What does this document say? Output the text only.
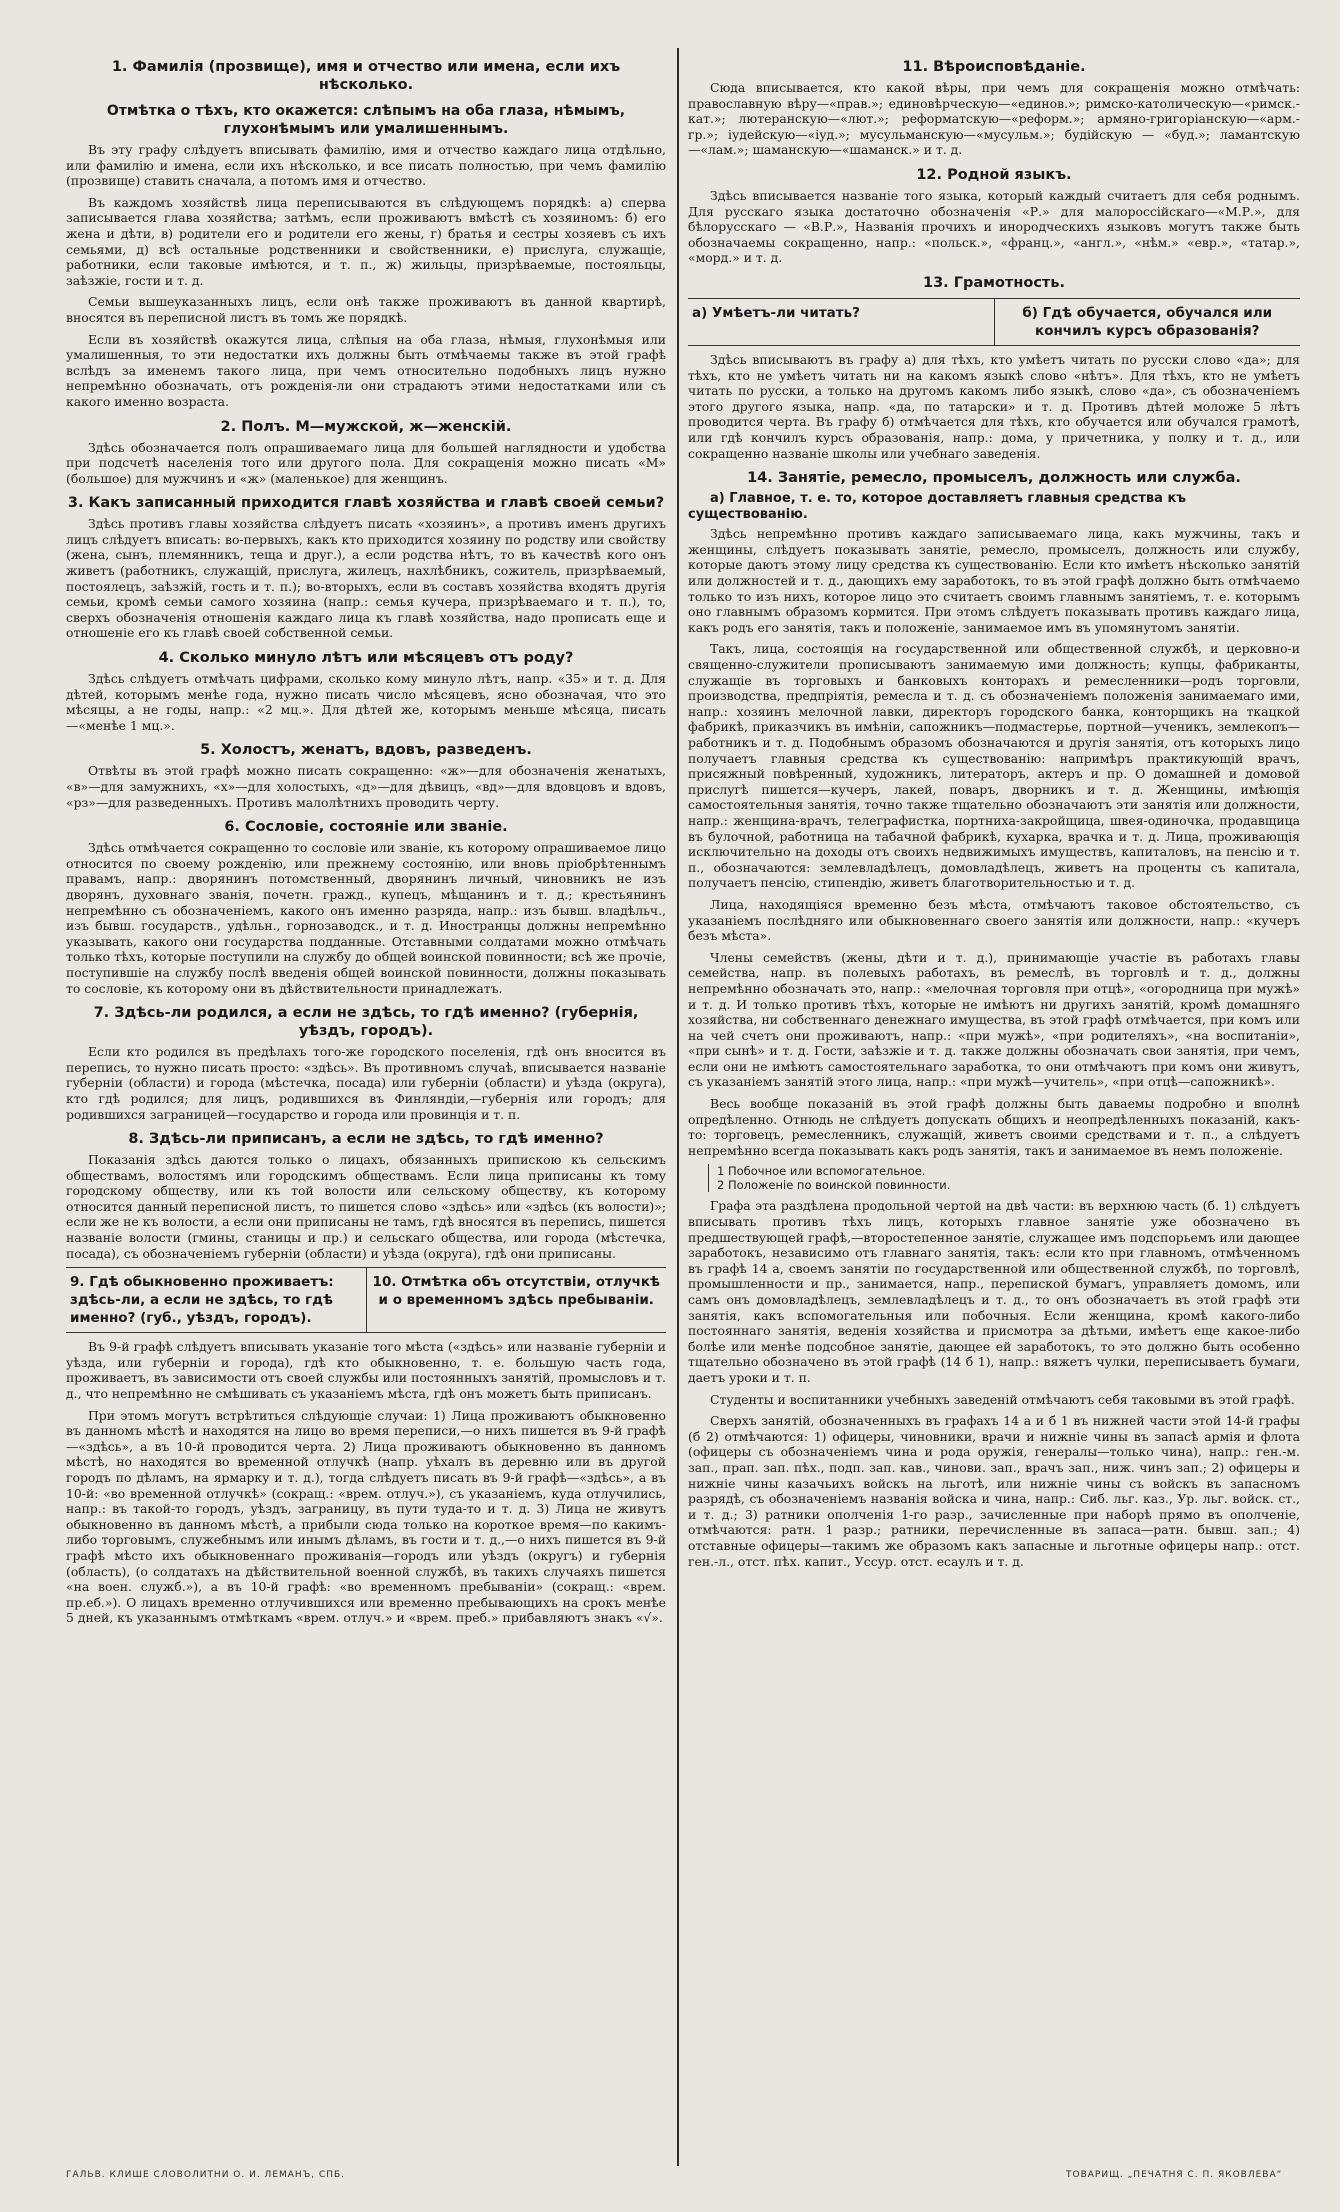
1. Фамилія (прозвище), имя и отчество или имена, если ихъ нѣсколько.
Отмѣтка о тѣхъ, кто окажется: слѣпымъ на оба глаза, нѣмымъ, глухонѣмымъ или умалишеннымъ.

Въ эту графу слѣдуетъ вписывать фамилію, имя и отчество каждаго лица отдѣльно, или фамилію и имена, если ихъ нѣсколько, и все писать полностью, при чемъ фамилію (прозвище) ставить сначала, а потомъ имя и отчество.

Въ каждомъ хозяйствѣ лица переписываются въ слѣдующемъ порядкѣ: а) сперва записывается глава хозяйства; затѣмъ, если проживаютъ вмѣстѣ съ хозяиномъ: б) его жена и дѣти, в) родители его и родители его жены, г) братья и сестры хозяевъ съ ихъ семьями, д) всѣ остальные родственники и свойственники, е) прислуга, служащіе, работники, если таковые имѣются, и т. п., ж) жильцы, призрѣваемые, постояльцы, заѣзжіе, гости и т. д.

Семьи вышеуказанныхъ лицъ, если онѣ также проживаютъ въ данной квартирѣ, вносятся въ переписной листъ въ томъ же порядкѣ.

Если въ хозяйствѣ окажутся лица, слѣпыя на оба глаза, нѣмыя, глухонѣмыя или умалишенныя, то эти недостатки ихъ должны быть отмѣчаемы также въ этой графѣ вслѣдъ за именемъ такого лица, при чемъ относительно подобныхъ лицъ нужно непремѣнно обозначать, отъ рожденія-ли они страдаютъ этими недостатками или съ какого именно возраста.

2. Полъ. М—мужской, ж—женскій.

Здѣсь обозначается полъ опрашиваемаго лица для большей наглядности и удобства при подсчетѣ населенія того или другого пола. Для сокращенія можно писать «М» (большое) для мужчинъ и «ж» (маленькое) для женщинъ.

3. Какъ записанный приходится главѣ хозяйства и главѣ своей семьи?

Здѣсь противъ главы хозяйства слѣдуетъ писать «хозяинъ», а противъ именъ другихъ лицъ слѣдуетъ вписать: во-первыхъ, какъ кто приходится хозяину по родству или свойству (жена, сынъ, племянникъ, теща и друг.), а если родства нѣтъ, то въ качествѣ кого онъ живетъ (работникъ, служащій, прислуга, жилецъ, нахлѣбникъ, сожитель, призрѣваемый, постоялецъ, заѣзжій, гость и т. п.); во-вторыхъ, если въ составъ хозяйства входятъ другія семьи, кромѣ семьи самого хозяина (напр.: семья кучера, призрѣваемаго и т. п.), то, сверхъ обозначенія отношенія каждаго лица къ главѣ хозяйства, надо прописать еще и отношеніе его къ главѣ своей собственной семьи.

4. Сколько минуло лѣтъ или мѣсяцевъ отъ роду?

Здѣсь слѣдуетъ отмѣчать цифрами, сколько кому минуло лѣтъ, напр. «35» и т. д. Для дѣтей, которымъ менѣе года, нужно писать число мѣсяцевъ, ясно обозначая, что это мѣсяцы, а не годы, напр.: «2 мц.». Для дѣтей же, которымъ меньше мѣсяца, писать—«менѣе 1 мц.».

5. Холостъ, женатъ, вдовъ, разведенъ.

Отвѣты въ этой графѣ можно писать сокращенно: «ж»—для обозначенія женатыхъ, «в»—для замужнихъ, «х»—для холостыхъ, «д»—для дѣвицъ, «вд»—для вдовцовъ и вдовъ, «рз»—для разведенныхъ. Противъ малолѣтнихъ проводить черту.

6. Сословіе, состояніе или званіе.

Здѣсь отмѣчается сокращенно то сословіе или званіе, къ которому опрашиваемое лицо относится по своему рожденію, или прежнему состоянію, или вновь пріобрѣтеннымъ правамъ, напр.: дворянинъ потомственный, дворянинъ личный, чиновникъ не изъ дворянъ, духовнаго званія, почетн. гражд., купецъ, мѣщанинъ и т. д.; крестьянинъ непремѣнно съ обозначеніемъ, какого онъ именно разряда, напр.: изъ бывш. владѣльч., изъ бывш. государств., удѣльн., горнозаводск., и т. д. Иностранцы должны непремѣнно указывать, какого они государства подданные. Отставными солдатами можно отмѣчать только тѣхъ, которые поступили на службу до общей воинской повинности; всѣ же прочіе, поступившіе на службу послѣ введенія общей воинской повинности, должны показывать то сословіе, къ которому они въ дѣйствительности принадлежатъ.

7. Здѣсь-ли родился, а если не здѣсь, то гдѣ именно? (губернія, уѣздъ, городъ).

Если кто родился въ предѣлахъ того-же городского поселенія, гдѣ онъ вносится въ перепись, то нужно писать просто: «здѣсь». Въ противномъ случаѣ, вписывается названіе губерніи (области) и города (мѣстечка, посада) или губерніи (области) и уѣзда (округа), кто гдѣ родился; для лицъ, родившихся въ Финляндіи,—губернія или городъ; для родившихся заграницей—государство и города или провинція и т. п.

8. Здѣсь-ли приписанъ, а если не здѣсь, то гдѣ именно?

Показанія здѣсь даются только о лицахъ, обязанныхъ припискою къ сельскимъ обществамъ, волостямъ или городскимъ обществамъ. Если лица приписаны къ тому городскому обществу, или къ той волости или сельскому обществу, къ которому относится данный переписной листъ, то пишется слово «здѣсь» или «здѣсь (къ волости)»; если же не къ волости, а если они приписаны не тамъ, гдѣ вносятся въ перепись, пишется названіе волости (гмины, станицы и пр.) и сельскаго общества, или города (мѣстечка, посада), съ обозначеніемъ губерніи (области) и уѣзда (округа), гдѣ они приписаны.

9. Гдѣ обыкновенно проживаетъ: здѣсь-ли, а если не здѣсь, то гдѣ именно? (губ., уѣздъ, городъ).
10. Отмѣтка объ отсутствіи, отлучкѣ и о временномъ здѣсь пребываніи.

Въ 9-й графѣ слѣдуетъ вписывать указаніе того мѣста («здѣсь» или названіе губерніи и уѣзда, или губерніи и города), гдѣ кто обыкновенно, т. е. большую часть года, проживаетъ, въ зависимости отъ своей службы или постоянныхъ занятій, промысловъ и т. д., что непремѣнно не смѣшивать съ указаніемъ мѣста, гдѣ онъ можетъ быть приписанъ.

При этомъ могутъ встрѣтиться слѣдующіе случаи: 1) Лица проживаютъ обыкновенно въ данномъ мѣстѣ и находятся на лицо во время переписи,—о нихъ пишется въ 9-й графѣ—«здѣсь», а въ 10-й проводится черта. 2) Лица проживаютъ обыкновенно въ данномъ мѣстѣ, но находятся во временной отлучкѣ (напр. уѣхалъ въ деревню или въ другой городъ по дѣламъ, на ярмарку и т. д.), тогда слѣдуетъ писать въ 9-й графѣ—«здѣсь», а въ 10-й: «во временной отлучкѣ» (сокращ.: «врем. отлуч.»), съ указаніемъ, куда отлучились, напр.: въ такой-то городъ, уѣздъ, заграницу, въ пути туда-то и т. д. 3) Лица не живутъ обыкновенно въ данномъ мѣстѣ, а прибыли сюда только на короткое время—по какимъ-либо торговымъ, служебнымъ или инымъ дѣламъ, въ гости и т. д.,—о нихъ пишется въ 9-й графѣ мѣсто ихъ обыкновеннаго проживанія—городъ или уѣздъ (округъ) и губернія (область), (о солдатахъ на дѣйствительной военной службѣ, въ такихъ случаяхъ пишется «на воен. служб.»), а въ 10-й графѣ: «во временномъ пребываніи» (сокращ.: «врем. пр.еб.»). О лицахъ временно отлучившихся или временно пребывающихъ на срокъ менѣе 5 дней, къ указаннымъ отмѣткамъ «врем. отлуч.» и «врем. преб.» прибавляютъ знакъ «√».

11. Вѣроисповѣданіе.

Сюда вписывается, кто какой вѣры, при чемъ для сокращенія можно отмѣчать: православную вѣру—«прав.»; единовѣрческую—«единов.»; римско-католическую—«римск.-кат.»; лютеранскую—«лют.»; реформатскую—«реформ.»; армяно-григоріанскую—«арм.-гр.»; іудейскую—«іуд.»; мусульманскую—«мусульм.»; будійскую — «буд.»; ламантскую—«лам.»; шаманскую—«шаманск.» и т. д.

12. Родной языкъ.

Здѣсь вписывается названіе того языка, который каждый считаетъ для себя роднымъ. Для русскаго языка достаточно обозначенія «Р.» для малороссійскаго—«М.Р.», для бѣлорусскаго — «В.Р.», Названія прочихъ и инородческихъ языковъ могутъ также быть обозначаемы сокращенно, напр.: «польск.», «франц.», «англ.», «нѣм.» «евр.», «татар.», «морд.» и т. д.

13. Грамотность.
а) Умѣетъ-ли читать?	б) Гдѣ обучается, обучался или кончилъ курсъ образованія?

Здѣсь вписываютъ въ графу а) для тѣхъ, кто умѣетъ читать по русски слово «да»; для тѣхъ, кто не умѣетъ читать ни на какомъ языкѣ слово «нѣтъ». Для тѣхъ, кто не умѣетъ читать по русски, а только на другомъ какомъ либо языкѣ, слово «да», съ обозначеніемъ этого другого языка, напр. «да, по татарски» и т. д. Противъ дѣтей моложе 5 лѣтъ проводится черта. Въ графу б) отмѣчается для тѣхъ, кто обучается или обучался грамотѣ, или гдѣ кончилъ курсъ образованія, напр.: дома, у причетника, у полку и т. д., или сокращенно названіе школы или учебнаго заведенія.

14. Занятіе, ремесло, промыселъ, должность или служба.
а) Главное, т. е. то, которое доставляетъ главныя средства къ существованію.

Здѣсь непремѣнно противъ каждаго записываемаго лица, какъ мужчины, такъ и женщины, слѣдуетъ показывать занятіе, ремесло, промыселъ, должность или службу, которые даютъ этому лицу средства къ существованію. Если кто имѣетъ нѣсколько занятій или должностей и т. д., дающихъ ему заработокъ, то въ этой графѣ должно быть отмѣчаемо только то изъ нихъ, которое лицо это считаетъ своимъ главнымъ занятіемъ, т. е. которымъ оно главнымъ образомъ кормится. При этомъ слѣдуетъ показывать противъ каждаго лица, какъ родъ его занятія, такъ и положеніе, занимаемое имъ въ упомянутомъ занятіи.

Такъ, лица, состоящія на государственной или общественной службѣ, и церковно-и священно-служители прописываютъ занимаемую ими должность; купцы, фабриканты, служащіе въ торговыхъ и банковыхъ конторахъ и ремесленники—родъ торговли, производства, предпріятія, ремесла и т. д. съ обозначеніемъ положенія занимаемаго ими, напр.: хозяинъ мелочной лавки, директоръ городского банка, конторщикъ на ткацкой фабрикѣ, приказчикъ въ имѣніи, сапожникъ—подмастерье, портной—ученикъ, землекопъ—работникъ и т. д. Подобнымъ образомъ обозначаются и другія занятія, отъ которыхъ лицо получаетъ главныя средства къ существованію: напримѣръ практикующій врачъ, присяжный повѣренный, художникъ, литераторъ, актеръ и пр. О домашней и домовой прислугѣ пишется—кучеръ, лакей, поваръ, дворникъ и т. д. Женщины, имѣющія самостоятельныя занятія, точно также тщательно обозначаютъ эти занятія или должности, напр.: женщина-врачъ, телеграфистка, портниха-закройщица, швея-одиночка, продавщица въ булочной, работница на табачной фабрикѣ, кухарка, врачка и т. д. Лица, проживающія исключительно на доходы отъ своихъ недвижимыхъ имуществъ, капиталовъ, на пенсію и т. п., обозначаются: землевладѣлецъ, домовладѣлецъ, живетъ на проценты съ капитала, получаетъ пенсію, стипендію, живетъ благотворительностью и т. д.

Лица, находящіяся временно безъ мѣста, отмѣчаютъ таковое обстоятельство, съ указаніемъ послѣдняго или обыкновеннаго своего занятія или должности, напр.: «кучеръ безъ мѣста».

Члены семействъ (жены, дѣти и т. д.), принимающіе участіе въ работахъ главы семейства, напр. въ полевыхъ работахъ, въ ремеслѣ, въ торговлѣ и т. д., должны непремѣнно обозначать это, напр.: «мелочная торговля при отцѣ», «огородница при мужѣ» и т. д. И только противъ тѣхъ, которые не имѣютъ ни другихъ занятій, кромѣ домашняго хозяйства, ни собственнаго денежнаго имущества, въ этой графѣ отмѣчается, при комъ или на чей счетъ они проживаютъ, напр.: «при мужѣ», «при родителяхъ», «на воспитаніи», «при сынѣ» и т. д. Гости, заѣзжіе и т. д. также должны обозначать свои занятія, при чемъ, если они не имѣютъ самостоятельнаго заработка, то они отмѣчаютъ при комъ они живутъ, съ указаніемъ занятій этого лица, напр.: «при мужѣ—учитель», «при отцѣ—сапожникѣ».

Весь вообще показаній въ этой графѣ должны быть даваемы подробно и вполнѣ опредѣленно. Отнюдь не слѣдуетъ допускать общихъ и неопредѣленныхъ показаній, какъ-то: торговецъ, ремесленникъ, служащій, живетъ своими средствами и т. п., а слѣдуетъ непремѣнно всегда показывать какъ родъ занятія, такъ и занимаемое въ немъ положеніе.

1 Побочное или вспомогательное.
2 Положеніе по воинской повинности.

Графа эта раздѣлена продольной чертой на двѣ части: въ верхнюю часть (б. 1) слѣдуетъ вписывать противъ тѣхъ лицъ, которыхъ главное занятіе уже обозначено въ предшествующей графѣ,—второстепенное занятіе, служащее имъ подспорьемъ или дающее заработокъ, независимо отъ главнаго занятія, такъ: если кто при главномъ, отмѣченномъ въ графѣ 14 а, своемъ занятіи по государственной или общественной службѣ, по торговлѣ, промышленности и пр., занимается, напр., перепиской бумагъ, управляетъ домомъ, или самъ онъ домовладѣлецъ, землевладѣлецъ и т. д., то онъ обозначаетъ въ этой графѣ эти занятія, какъ вспомогательныя или побочныя. Если женщина, кромѣ какого-либо постояннаго занятія, веденія хозяйства и присмотра за дѣтьми, имѣетъ еще какое-либо болѣе или менѣе подсобное занятіе, дающее ей заработокъ, то это должно быть особенно тщательно обозначено въ этой графѣ (14 б 1), напр.: вяжетъ чулки, переписываетъ бумаги, даетъ уроки и т. п.

Студенты и воспитанники учебныхъ заведеній отмѣчаютъ себя таковыми въ этой графѣ.

Сверхъ занятій, обозначенныхъ въ графахъ 14 а и б 1 въ нижней части этой 14-й графы (б 2) отмѣчаются: 1) офицеры, чиновники, врачи и нижніе чины въ запасѣ армія и флота (офицеры съ обозначеніемъ чина и рода оружія, генералы—только чина), напр.: ген.-м. зап., прап. зап. пѣх., подп. зап. кав., чинови. зап., врачъ зап., ниж. чинъ зап.; 2) офицеры и нижніе чины казачьихъ войскъ на льготѣ, или нижніе чины съ войскъ въ запасномъ разрядѣ, съ обозначеніемъ названія войска и чина, напр.: Сиб. льг. каз., Ур. льг. войск. ст., и т. д.; 3) ратники ополченія 1-го разр., зачисленные при наборѣ прямо въ ополченіе, отмѣчаются: ратн. 1 разр.; ратники, перечисленные въ запаса—ратн. бывш. зап.; 4) отставные офицеры—такимъ же образомъ какъ запасные и льготные офицеры напр.: отст. ген.-л., отст. пѣх. капит., Уссур. отст. есаулъ и т. д.

ГАЛЬВ. КЛИШЕ СЛОВОЛИТНИ О. И. ЛЕМАНЪ, СПБ.	ТОВАРИЩ. „ПЕЧАТНЯ С. П. ЯКОВЛЕВА“
